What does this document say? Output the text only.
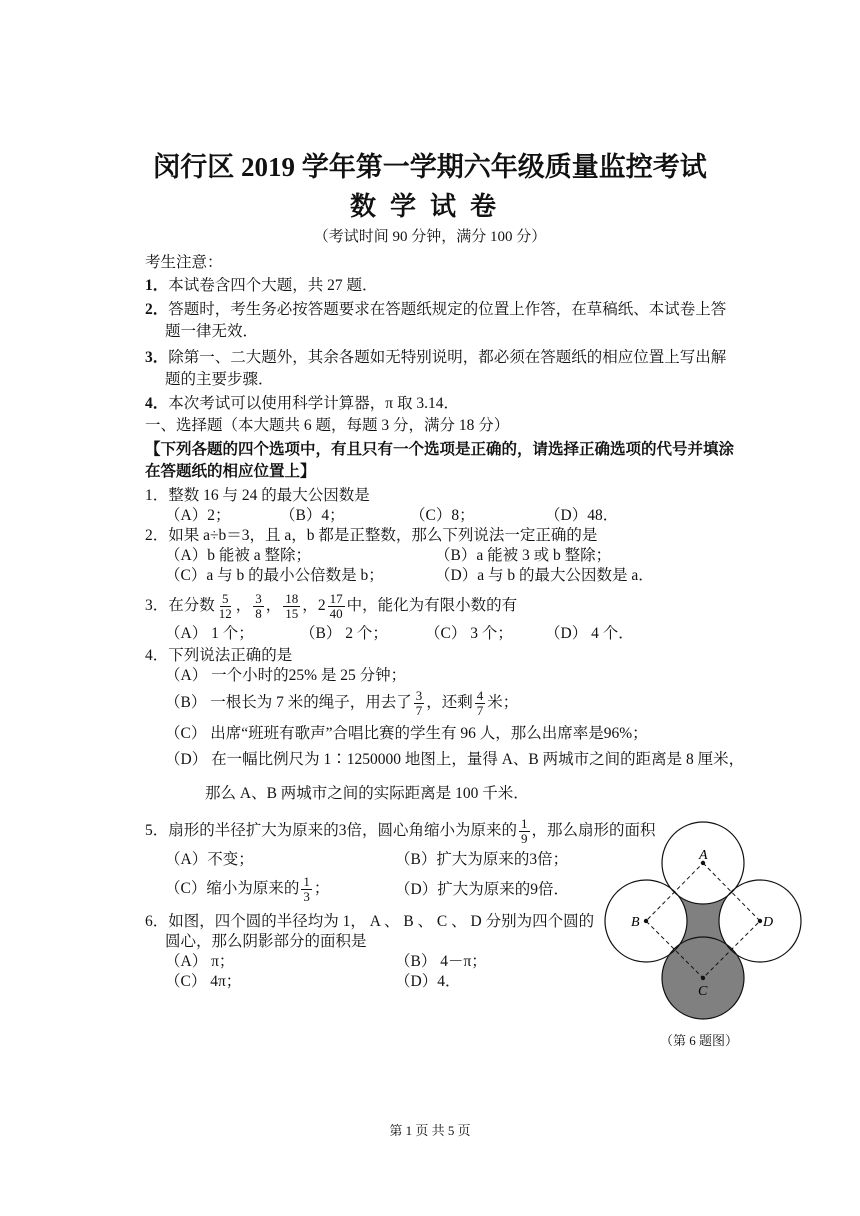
闵行区 2019 学年第一学期六年级质量监控考试
数学试卷
（考试时间 90 分钟，满分 100 分）
考生注意：
1．本试卷含四个大题，共 27 题．
2．答题时，考生务必按答题要求在答题纸规定的位置上作答，在草稿纸、本试卷上答
题一律无效．
3．除第一、二大题外，其余各题如无特别说明，都必须在答题纸的相应位置上写出解
题的主要步骤．
4．本次考试可以使用科学计算器，π 取 3.14．
一、选择题（本大题共 6 题，每题 3 分，满分 18 分）
【下列各题的四个选项中，有且只有一个选项是正确的，请选择正确选项的代号并填涂
在答题纸的相应位置上】
1．整数 16 与 24 的最大公因数是
（A）2；	（B）4；	（C）8；	（D）48．
2．如果 a÷b＝3，且 a，b 都是正整数，那么下列说法一定正确的是
（A）b 能被 a 整除；	（B）a 能被 3 或 b 整除；
（C）a 与 b 的最小公倍数是 b；	（D）a 与 b 的最大公因数是 a．
3．在分数 $\frac{5}{12}$ ， $\frac{3}{8}$ ， $\frac{18}{15}$ ， $2 \frac{17}{40}$ 中，能化为有限小数的有
（A） 1 个；	（B） 2 个； （C） 3 个； （D） 4 个．
4．下列说法正确的是
（A） 一个小时的25% 是 25 分钟；
（B） 一根长为 7 米的绳子，用去了 $\frac{3}{7}$ ，还剩 $\frac{4}{7}$ 米；
（C） 出席“班班有歌声”合唱比赛的学生有 96 人，那么出席率是96%；
（D） 在一幅比例尺为 1∶1250000 地图上，量得 A、B 两城市之间的距离是 8 厘米，
那么 A、B 两城市之间的实际距离是 100 千米．
5．扇形的半径扩大为原来的3倍，圆心角缩小为原来的 $\frac{1}{9}$ ，那么扇形的面积
（A）不变；	（B）扩大为原来的3倍；
（C）缩小为原来的 $\frac{1}{3}$ ；	（D）扩大为原来的9倍．
6．如图，四个圆的半径均为 1， A 、 B 、 C 、 D 分别为四个圆的
圆心，那么阴影部分的面积是
（A） π；	（B） 4－π；
（C） 4π；	（D）4．
A
B	D
C
（第 6 题图）
第 1 页 共 5 页
